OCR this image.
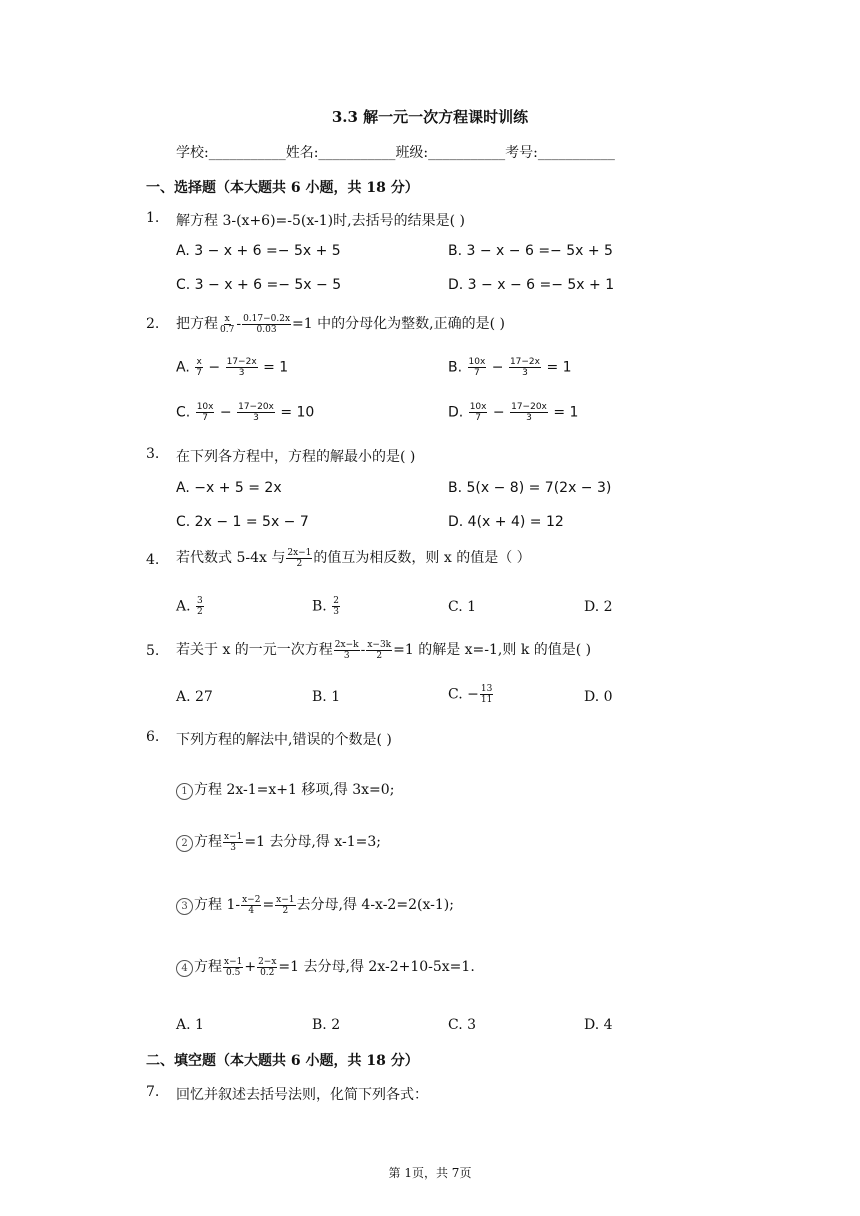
3.3 解一元一次方程课时训练
学校:___________姓名:___________班级:___________考号:___________
一、选择题（本大题共 6 小题，共 18 分）
1. 解方程 3-(x+6)=-5(x-1)时,去括号的结果是( )
A. 3 − x + 6 =− 5x + 5	B. 3 − x − 6 =− 5x + 5
C. 3 − x + 6 =− 5x − 5	D. 3 − x − 6 =− 5x + 1
2. 把方程 $\frac{x}{0.7} - \frac{0.17-0.2x}{0.03} =1$ 中的分母化为整数,正确的是( )
A. $\frac{x}{7} - \frac{17-2x}{3} = 1$	B. $\frac{10x}{7} - \frac{17-2x}{3} = 1$
C. $\frac{10x}{7} - \frac{17-20x}{3} = 10$	D. $\frac{10x}{7} - \frac{17-20x}{3} = 1$
3. 在下列各方程中，方程的解最小的是( )
A. −x + 5 = 2x	B. 5(x − 8) = 7(2x − 3)
C. 2x − 1 = 5x − 7	D. 4(x + 4) = 12
4. 若代数式 5-4x 与 $\frac{2x-1}{2}$ 的值互为相反数，则 x 的值是（ ）
A. $\frac{3}{2}$	B. $\frac{2}{3}$	C. 1	D. 2
5. 若关于 x 的一元一次方程 $\frac{2x-k}{3} - \frac{x-3k}{2} =1$ 的解是 x=-1,则 k 的值是( )
A. 27	B. 1	C. − $\frac{13}{11}$	D. 0
6. 下列方程的解法中,错误的个数是( )
1 方程 2x-1=x+1 移项,得 3x=0;
2 方程 $\frac{x-1}{3} =1$ 去分母,得 x-1=3;
3 方程 $1- \frac{x-2}{4} = \frac{x-1}{2}$ 去分母,得 4-x-2=2(x-1);
4 方程 $\frac{x-1}{0.5} + \frac{2-x}{0.2} =1$ 去分母,得 2x-2+10-5x=1.
A. 1	B. 2	C. 3	D. 4
二、填空题（本大题共 6 小题，共 18 分）
7. 回忆并叙述去括号法则，化简下列各式：
第 1页，共 7页
